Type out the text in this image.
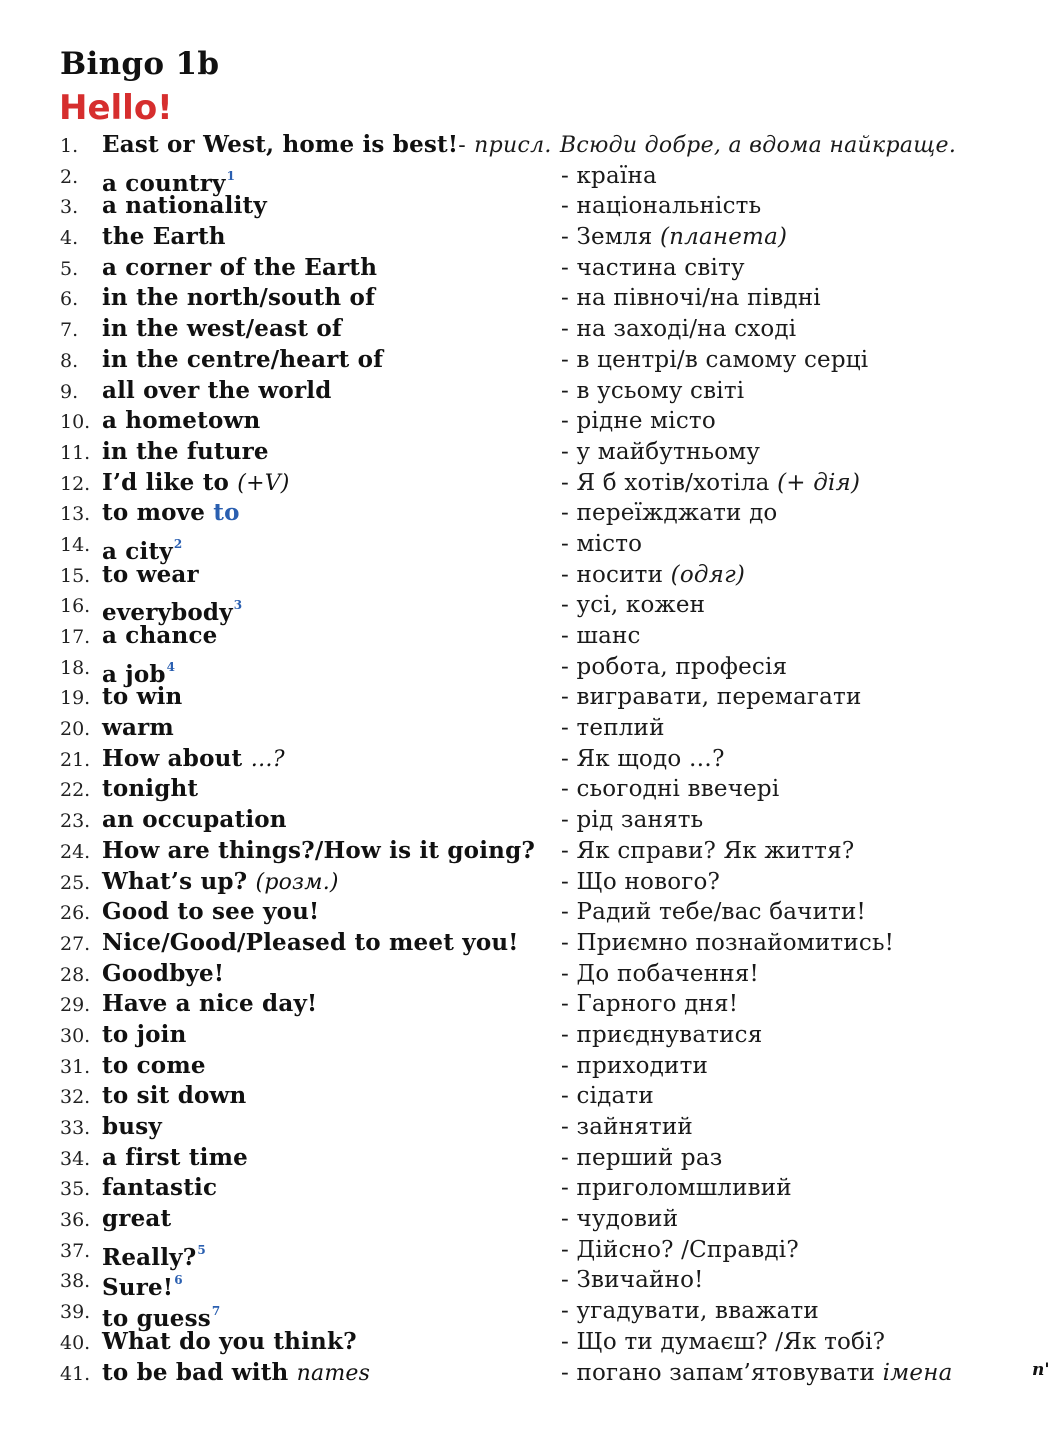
Bingo 1b
Hello!
1. East or West, home is best!- присл. Всюди добре, а вдома найкраще.
2. a country$^1$	- країна
3. a nationality	- національність
4. the Earth	- Земля (планета)
5. a corner of the Earth	- частина світу
6. in the north/south of	- на півночі/на півдні
7. in the west/east of	- на заході/на сході
8. in the centre/heart of	- в центрі/в самому серці
9. all over the world	- в усьому світі
10. a hometown	- рідне місто
11. in the future	- у майбутньому
12. I’d like to (+V)	- Я б хотів/хотіла (+ дія)
13. to move to	- переїжджати до
14. a city$^2$	- місто
15. to wear	- носити (одяг)
16. everybody$^3$	- усі, кожен
17. a chance	- шанс
18. a job$^4$	- робота, професія
19. to win	- вигравати, перемагати
20. warm	- теплий
21. How about …?	- Як щодо …?
22. tonight	- сьогодні ввечері
23. an occupation	- рід занять
24. How are things?/How is it going? - Як справи? Як життя?
25. What’s up? (розм.)	- Що нового?
26. Good to see you!	- Радий тебе/вас бачити!
27. Nice/Good/Pleased to meet you! - Приємно познайомитись!
28. Goodbye!	- До побачення!
29. Have a nice day!	- Гарного дня!
30. to join	- приєднуватися
31. to come	- приходити
32. to sit down	- сідати
33. busy	- зайнятий
34. a first time	- перший раз
35. fantastic	- приголомшливий
36. great	- чудовий
37. Really?$^5$	- Дійсно? /Справді?
38. Sure!$^6$	- Звичайно!
39. to guess$^7$	- угадувати, вважати
40. What do you think?	- Що ти думаєш? /Як тобі?
41. to be bad with names	- погано запам’ятовувати імена	n'
